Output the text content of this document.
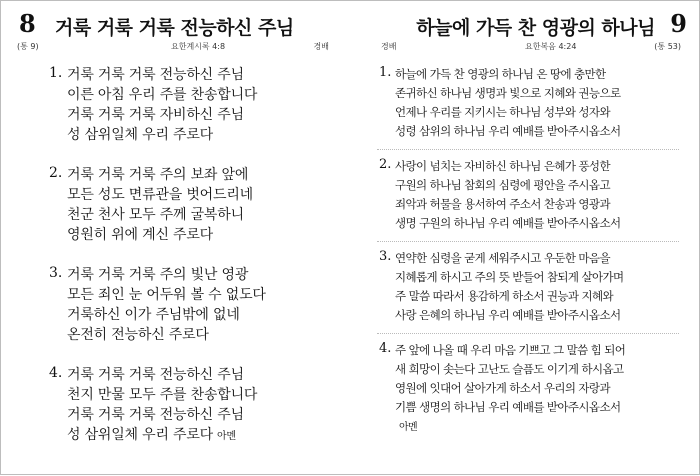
8 거룩 거룩 거룩 전능하신 주님
(통 9)	요한계시록 4:8	경배
1. 거룩 거룩 거룩 전능하신 주님
이른 아침 우리 주를 찬송합니다
거룩 거룩 거룩 자비하신 주님
성 삼위일체 우리 주로다
2. 거룩 거룩 거룩 주의 보좌 앞에
모든 성도 면류관을 벗어드리네
천군 천사 모두 주께 굴복하니
영원히 위에 계신 주로다
3. 거룩 거룩 거룩 주의 빛난 영광
모든 죄인 눈 어두워 볼 수 없도다
거룩하신 이가 주님밖에 없네
온전히 전능하신 주로다
4. 거룩 거룩 거룩 전능하신 주님
천지 만물 모두 주를 찬송합니다
거룩 거룩 거룩 전능하신 주님
성 삼위일체 우리 주로다 아멘
하늘에 가득 찬 영광의 하나님 9
경배	요한복음 4:24	(통 53)
1. 하늘에 가득 찬 영광의 하나님 온 땅에 충만한
존귀하신 하나님 생명과 빛으로 지혜와 권능으로
언제나 우리를 지키시는 하나님 성부와 성자와
성령 삼위의 하나님 우리 예배를 받아주시옵소서
2. 사랑이 넘치는 자비하신 하나님 은혜가 풍성한
구원의 하나님 참회의 심령에 평안을 주시옵고
죄악과 허물을 용서하여 주소서 찬송과 영광과
생명 구원의 하나님 우리 예배를 받아주시옵소서
3. 연약한 심령을 굳게 세워주시고 우둔한 마음을
지혜롭게 하시고 주의 뜻 받들어 참되게 살아가며
주 말씀 따라서 용감하게 하소서 권능과 지혜와
사랑 은혜의 하나님 우리 예배를 받아주시옵소서
4. 주 앞에 나올 때 우리 마음 기쁘고 그 말씀 힘 되어
새 희망이 솟는다 고난도 슬픔도 이기게 하시옵고
영원에 잇대어 살아가게 하소서 우리의 자랑과
기쁨 생명의 하나님 우리 예배를 받아주시옵소서
아멘
